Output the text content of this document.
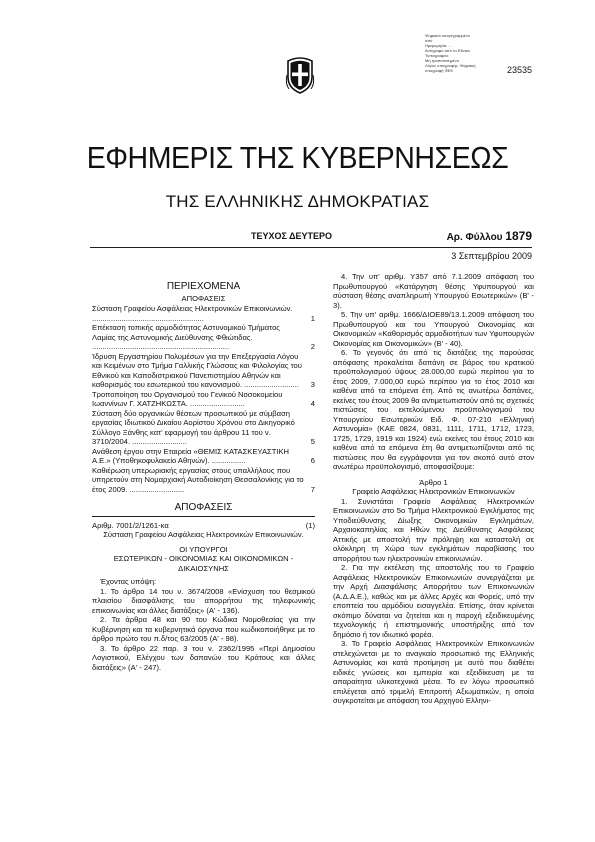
Ψηφιακά υπογεγραμμένο
από
Ημερομηνία: ...
Αντίγραφο από το Εθνικό
Τυπογραφείο
Μη τροποποιημένο
Λόγος υπογραφής: Ψηφιακή
υπογραφή ΦΕΚ	23535
ΕΦΗΜΕΡΙΣ ΤΗΣ ΚΥΒΕΡΝΗΣΕΩΣ
ΤΗΣ ΕΛΛΗΝΙΚΗΣ ΔΗΜΟΚΡΑΤΙΑΣ
ΤΕΥΧΟΣ ΔΕΥΤΕΡΟ	Αρ. Φύλλου 1879
3 Σεπτεμβρίου 2009
ΠΕΡΙΕΧΟΜΕΝΑ
ΑΠΟΦΑΣΕΙΣ
Σύσταση Γραφείου Ασφάλειας Ηλεκτρονικών Επικοινωνιών. .....................................................	1
Επέκταση τοπικής αρμοδιότητας Αστυνομικού Τμήματος Λαμίας της Αστυνομικής Διεύθυνσης Φθιώτιδας. .................................................................	2
Ίδρυση Εργαστηρίου Πολυμέσων για την Επεξεργασία Λόγου και Κειμένων στο Τμήμα Γαλλικής Γλώσσας και Φιλολογίας του Εθνικού και Καποδιστριακού Πανεπιστημίου Αθηνών και καθορισμός του εσωτερικού του κανονισμού. ..........................	3
Τροποποίηση του Οργανισμού του Γενικού Νοσοκομείου Ιωαννίνων Γ. ΧΑΤΖΗΚΩΣΤΑ. ..........................	4
Σύσταση δύο οργανικών θέσεων προσωπικού με σύμβαση εργασίας Ιδιωτικού Δικαίου Αορίστου Χρόνου στο Δικηγορικό Σύλλογο Ξάνθης κατ' εφαρμογή του άρθρου 11 του ν. 3710/2004. ..........................	5
Ανάθεση έργου στην Εταιρεία «ΘΕΜΙΣ ΚΑΤΑΣΚΕΥΑΣΤΙΚΗ Α.Ε.» (Υποθηκοφυλακείο Αθηνών). ................	6
Καθιέρωση υπερωριακής εργασίας στους υπαλλήλους που υπηρετούν στη Νομαρχιακή Αυτοδιοίκηση Θεσσαλονίκης για το έτος 2009. ..........................	7
ΑΠΟΦΑΣΕΙΣ
Αριθμ. 7001/2/1261-κα	(1)
Σύσταση Γραφείου Ασφάλειας Ηλεκτρονικών Επικοινωνιών.
ΟΙ ΥΠΟΥΡΓΟΙ
ΕΣΩΤΕΡΙΚΩΝ - ΟΙΚΟΝΟΜΙΑΣ ΚΑΙ ΟΙΚΟΝΟΜΙΚΩΝ - ΔΙΚΑΙΟΣΥΝΗΣ
Έχοντας υπόψη:
1. Το άρθρο 14 του ν. 3674/2008 «Ενίσχυση του θεσμικού πλαισίου διασφάλισης του απορρήτου της τηλεφωνικής επικοινωνίας και άλλες διατάξεις» (Α' - 136).
2. Τα άρθρα 48 και 90 του Κώδικα Νομοθεσίας για την Κυβέρνηση και τα κυβερνητικά όργανα που κωδικοποιήθηκε με το άρθρο πρώτο του π.δ/τος 63/2005 (Α' - 98).
3. Το άρθρο 22 παρ. 3 του ν. 2362/1995 «Περί Δημοσίου Λογιστικού, Ελέγχου των δαπανών του Κράτους και άλλες διατάξεις» (Α' - 247).
4. Την υπ' αριθμ. Υ357 από 7.1.2009 απόφαση του Πρωθυπουργού «Κατάργηση θέσης Υφυπουργού και σύσταση θέσης αναπληρωτή Υπουργού Εσωτερικών» (Β' - 3).
5. Την υπ' αριθμ. 1666/ΔΙΟΕ89/13.1.2009 απόφαση του Πρωθυπουργού και του Υπουργού Οικονομίας και Οικονομικών «Καθορισμός αρμοδιοτήτων των Υφυπουργών Οικονομίας και Οικονομικών» (Β' - 40).
6. Το γεγονός ότι από τις διατάξεις της παρούσας απόφασης προκαλείται δαπάνη σε βάρος του κρατικού προϋπολογισμού ύψους 28.000,00 ευρώ περίπου για το έτος 2009, 7.000,00 ευρώ περίπου για το έτος 2010 και καθένα από τα επόμενα έτη. Από τις ανωτέρω δαπάνες, εκείνες του έτους 2009 θα αντιμετωπιστούν από τις σχετικές πιστώσεις του εκτελούμενου προϋπολογισμού του Υπουργείου Εσωτερικών Ειδ. Φ. 07-210 «Ελληνική Αστυνομία» (ΚΑΕ 0824, 0831, 1111, 1711, 1712, 1723, 1725, 1729, 1919 και 1924) ενώ εκείνες του έτους 2010 και καθένα από τα επόμενα έτη θα αντιμετωπίζονται από τις πιστώσεις που θα εγγράφονται για τον σκοπό αυτό στον ανωτέρω προϋπολογισμό, αποφασίζουμε:
Άρθρο 1
Γραφείο Ασφάλειας Ηλεκτρονικών Επικοινωνιών
1. Συνιστάται Γραφείο Ασφάλειας Ηλεκτρονικών Επικοινωνιών στο 5ο Τμήμα Ηλεκτρονικού Εγκλήματος της Υποδιεύθυνσης Δίωξης Οικονομικών Εγκλημάτων, Αρχαιοκαπηλίας και Ηθών της Διεύθυνσης Ασφάλειας Αττικής με αποστολή την πρόληψη και καταστολή σε ολόκληρη τη Χώρα των εγκλημάτων παραβίασης του απορρήτου των ηλεκτρονικών επικοινωνιών.
2. Για την εκτέλεση της αποστολής του το Γραφείο Ασφάλειας Ηλεκτρονικών Επικοινωνιών συνεργάζεται με την Αρχή Διασφάλισης Απορρήτου των Επικοινωνιών (Α.Δ.Α.Ε.), καθώς και με άλλες Αρχές και Φορείς, υπό την εποπτεία του αρμόδιου εισαγγελέα. Επίσης, όταν κρίνεται σκόπιμο δύναται να ζητείται και η παροχή εξειδικευμένης τεχνολογικής ή επιστημονικής υποστήριξης από τον δημόσιο ή τον ιδιωτικό φορέα.
3. Το Γραφείο Ασφάλειας Ηλεκτρονικών Επικοινωνιών στελεχώνεται με το αναγκαίο προσωπικό της Ελληνικής Αστυνομίας και κατά προτίμηση με αυτό που διαθέτει ειδικές γνώσεις και εμπειρία και εξειδίκευση με τα απαραίτητα υλικοτεχνικά μέσα. Το εν λόγω προσωπικό επιλέγεται από τριμελή Επιτροπή Αξιωματικών, η οποία συγκροτείται με απόφαση του Αρχηγού Ελληνι-
